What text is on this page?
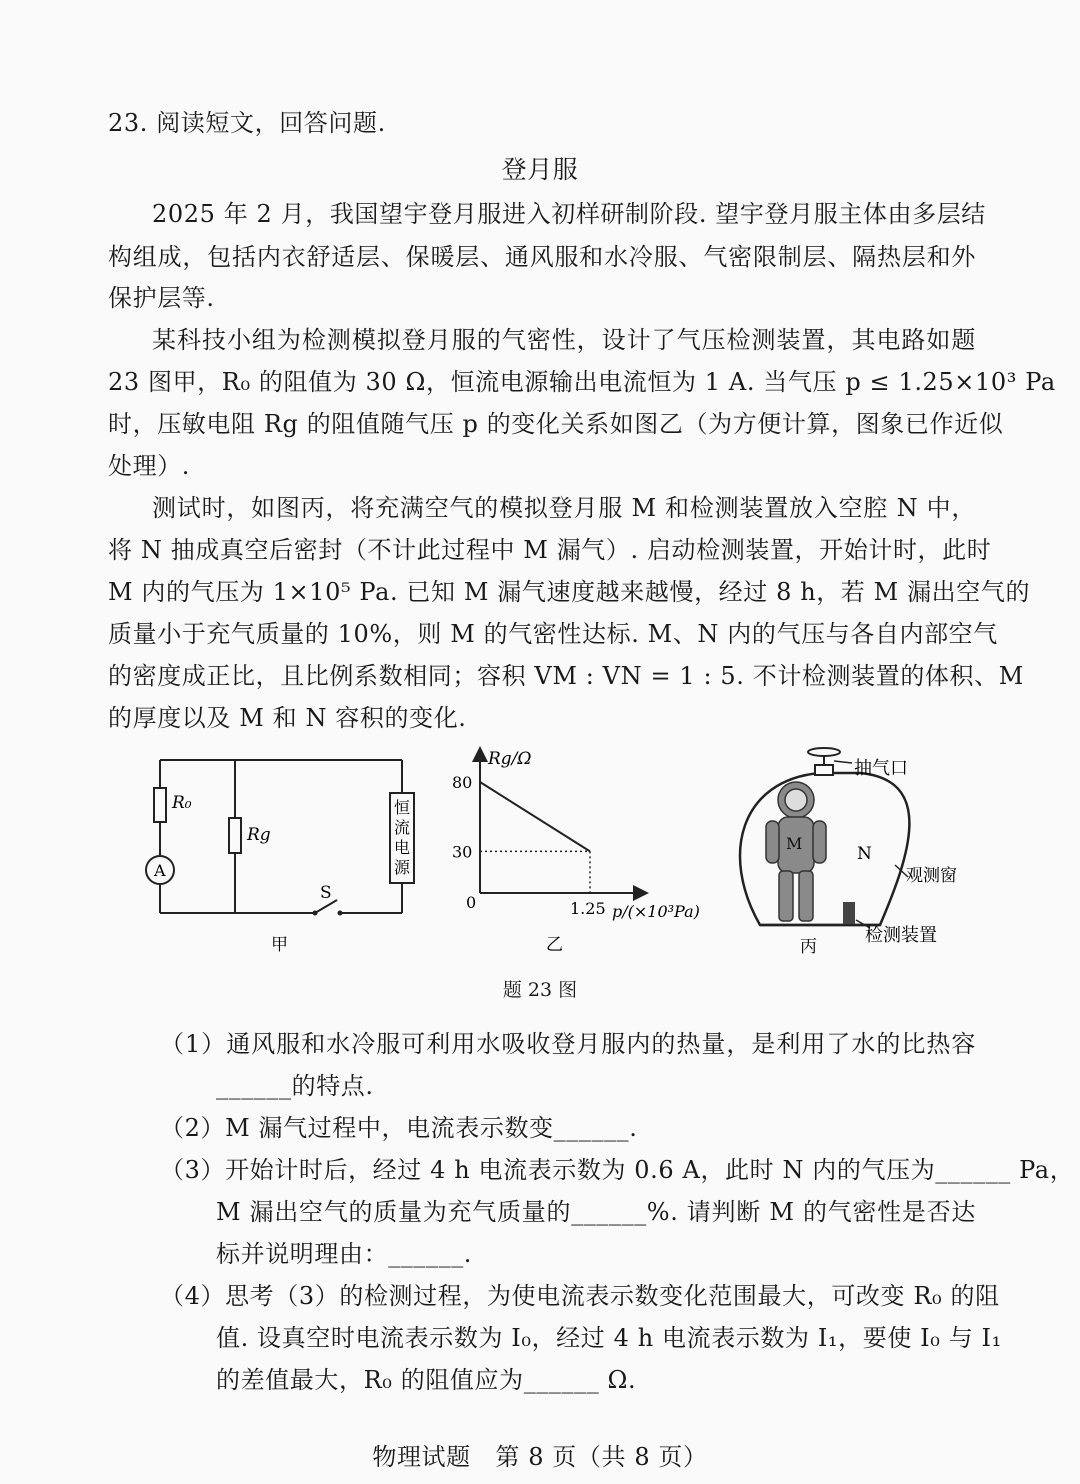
23. 阅读短文，回答问题.
登月服
2025 年 2 月，我国望宇登月服进入初样研制阶段. 望宇登月服主体由多层结
构组成，包括内衣舒适层、保暖层、通风服和水冷服、气密限制层、隔热层和外
保护层等.
某科技小组为检测模拟登月服的气密性，设计了气压检测装置，其电路如题
23 图甲，R₀ 的阻值为 30 Ω，恒流电源输出电流恒为 1 A. 当气压 p ≤ 1.25×10³ Pa
时，压敏电阻 Rg 的阻值随气压 p 的变化关系如图乙（为方便计算，图象已作近似
处理）.
测试时，如图丙，将充满空气的模拟登月服 M 和检测装置放入空腔 N 中，
将 N 抽成真空后密封（不计此过程中 M 漏气）. 启动检测装置，开始计时，此时
M 内的气压为 1×10⁵ Pa. 已知 M 漏气速度越来越慢，经过 8 h，若 M 漏出空气的
质量小于充气质量的 10%，则 M 的气密性达标. M、N 内的气压与各自内部空气
的密度成正比，且比例系数相同；容积 VM : VN = 1 : 5. 不计检测装置的体积、M
的厚度以及 M 和 N 容积的变化.
R₀
Rg
A
S
恒
流
电
源
甲
Rg/Ω
80
30
0	1.25 p/(×10³Pa)
乙
M
N
抽气口
观测窗
检测装置
丙
题 23 图
（1）通风服和水冷服可利用水吸收登月服内的热量，是利用了水的比热容
______的特点.
（2）M 漏气过程中，电流表示数变______.
（3）开始计时后，经过 4 h 电流表示数为 0.6 A，此时 N 内的气压为______ Pa，
M 漏出空气的质量为充气质量的______%. 请判断 M 的气密性是否达
标并说明理由：______.
（4）思考（3）的检测过程，为使电流表示数变化范围最大，可改变 R₀ 的阻
值. 设真空时电流表示数为 I₀，经过 4 h 电流表示数为 I₁，要使 I₀ 与 I₁
的差值最大，R₀ 的阻值应为______ Ω.
物理试题　第 8 页（共 8 页）
